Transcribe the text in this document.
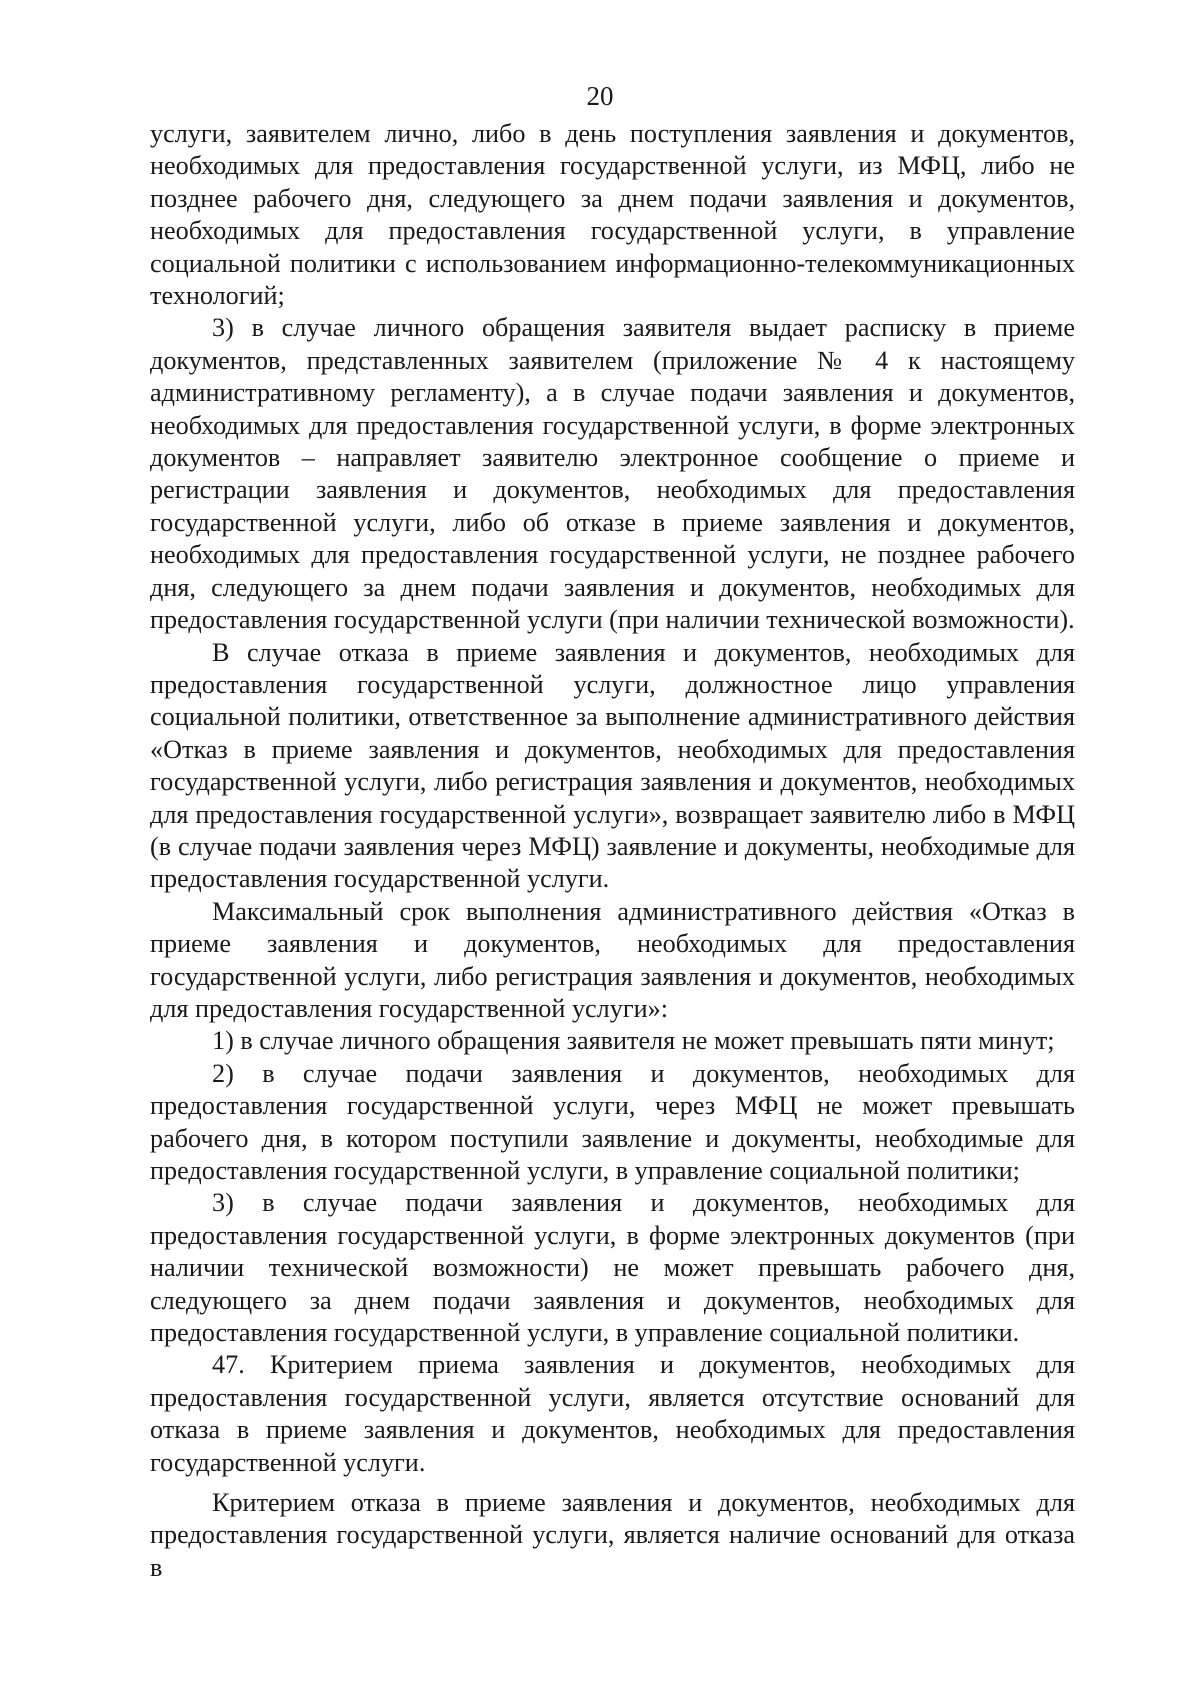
20

услуги, заявителем лично, либо в день поступления заявления и документов, необходимых для предоставления государственной услуги, из МФЦ, либо не позднее рабочего дня, следующего за днем подачи заявления и документов, необходимых для предоставления государственной услуги, в управление социальной политики с использованием информационно-телекоммуникационных технологий;

3) в случае личного обращения заявителя выдает расписку в приеме документов, представленных заявителем (приложение № 4 к настоящему административному регламенту), а в случае подачи заявления и документов, необходимых для предоставления государственной услуги, в форме электронных документов – направляет заявителю электронное сообщение о приеме и регистрации заявления и документов, необходимых для предоставления государственной услуги, либо об отказе в приеме заявления и документов, необходимых для предоставления государственной услуги, не позднее рабочего дня, следующего за днем подачи заявления и документов, необходимых для предоставления государственной услуги (при наличии технической возможности).

В случае отказа в приеме заявления и документов, необходимых для предоставления государственной услуги, должностное лицо управления социальной политики, ответственное за выполнение административного действия «Отказ в приеме заявления и документов, необходимых для предоставления государственной услуги, либо регистрация заявления и документов, необходимых для предоставления государственной услуги», возвращает заявителю либо в МФЦ (в случае подачи заявления через МФЦ) заявление и документы, необходимые для предоставления государственной услуги.

Максимальный срок выполнения административного действия «Отказ в приеме заявления и документов, необходимых для предоставления государственной услуги, либо регистрация заявления и документов, необходимых для предоставления государственной услуги»:

1) в случае личного обращения заявителя не может превышать пяти минут;

2) в случае подачи заявления и документов, необходимых для предоставления государственной услуги, через МФЦ не может превышать рабочего дня, в котором поступили заявление и документы, необходимые для предоставления государственной услуги, в управление социальной политики;

3) в случае подачи заявления и документов, необходимых для предоставления государственной услуги, в форме электронных документов (при наличии технической возможности) не может превышать рабочего дня, следующего за днем подачи заявления и документов, необходимых для предоставления государственной услуги, в управление социальной политики.

47. Критерием приема заявления и документов, необходимых для предоставления государственной услуги, является отсутствие оснований для отказа в приеме заявления и документов, необходимых для предоставления государственной услуги.

Критерием отказа в приеме заявления и документов, необходимых для предоставления государственной услуги, является наличие оснований для отказа в
